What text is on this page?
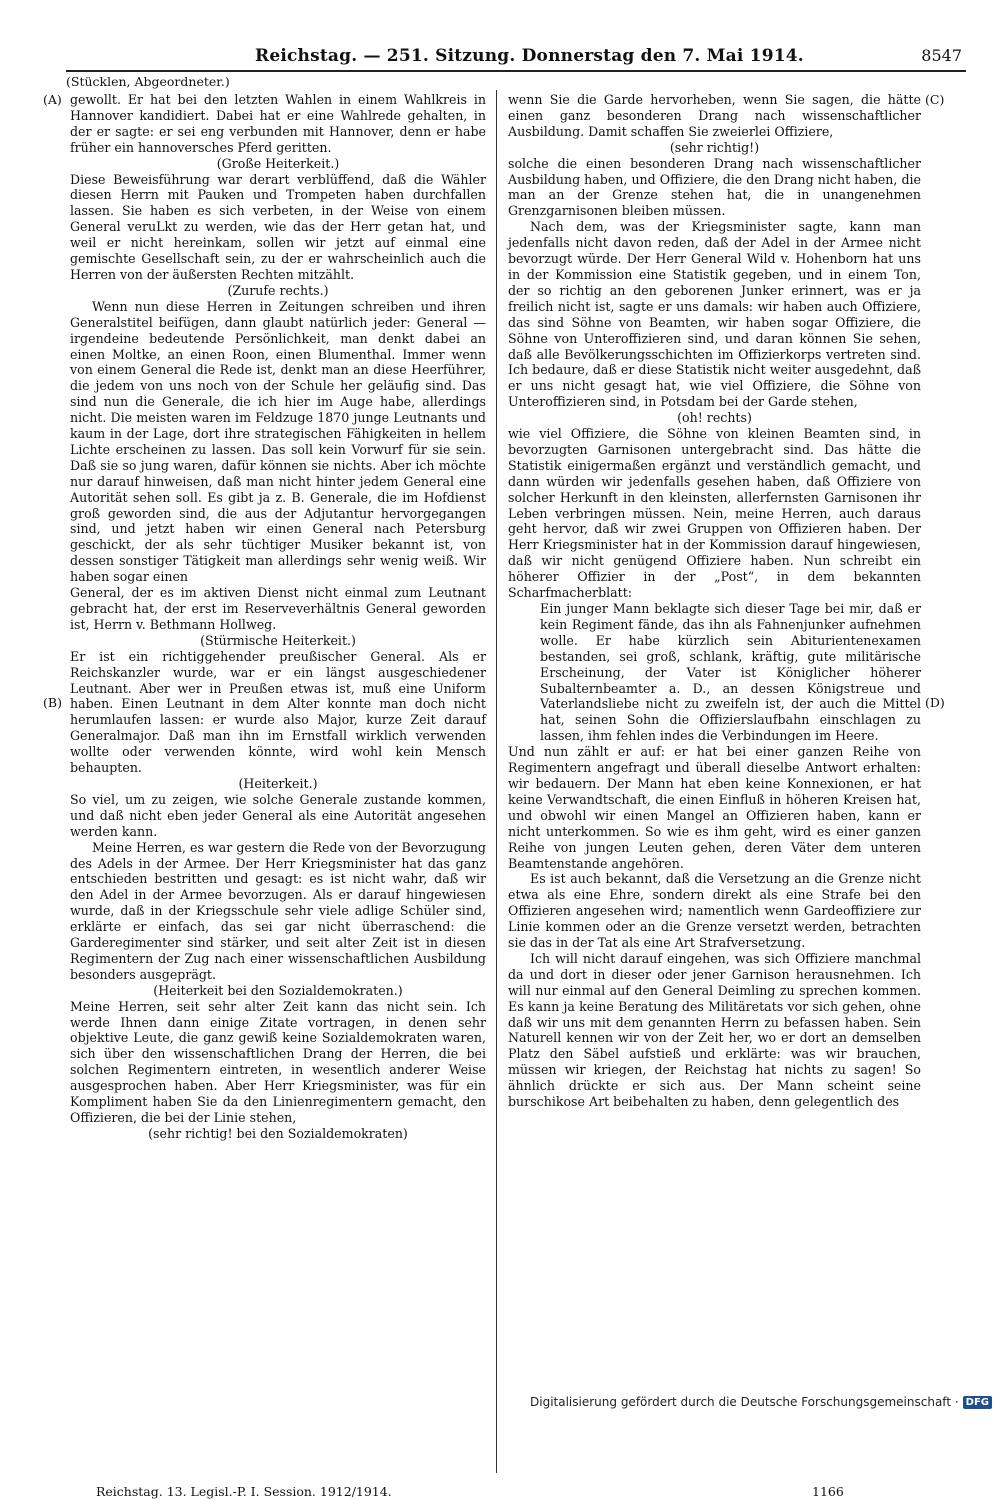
Reichstag. — 251. Sitzung. Donnerstag den 7. Mai 1914.	8547
(Stücklen, Abgeordneter.)
(A)
(B)
(C)
(D)

gewollt. Er hat bei den letzten Wahlen in einem Wahlkreis in Hannover kandidiert. Dabei hat er eine Wahlrede gehalten, in der er sagte: er sei eng verbunden mit Hannover, denn er habe früher ein hannoversches Pferd geritten.

(Große Heiterkeit.)

Diese Beweisführung war derart verblüffend, daß die Wähler diesen Herrn mit Pauken und Trompeten haben durchfallen lassen. Sie haben es sich verbeten, in der Weise von einem General veruLkt zu werden, wie das der Herr getan hat, und weil er nicht hereinkam, sollen wir jetzt auf einmal eine gemischte Gesellschaft sein, zu der er wahrscheinlich auch die Herren von der äußersten Rechten mitzählt.

(Zurufe rechts.)

Wenn nun diese Herren in Zeitungen schreiben und ihren Generalstitel beifügen, dann glaubt natürlich jeder: General — irgendeine bedeutende Persönlichkeit, man denkt dabei an einen Moltke, an einen Roon, einen Blumenthal. Immer wenn von einem General die Rede ist, denkt man an diese Heerführer, die jedem von uns noch von der Schule her geläufig sind. Das sind nun die Generale, die ich hier im Auge habe, allerdings nicht. Die meisten waren im Feldzuge 1870 junge Leutnants und kaum in der Lage, dort ihre strategischen Fähigkeiten in hellem Lichte erscheinen zu lassen. Das soll kein Vorwurf für sie sein. Daß sie so jung waren, dafür können sie nichts. Aber ich möchte nur darauf hinweisen, daß man nicht hinter jedem General eine Autorität sehen soll. Es gibt ja z. B. Generale, die im Hofdienst groß geworden sind, die aus der Adjutantur hervorgegangen sind, und jetzt haben wir einen General nach Petersburg geschickt, der als sehr tüchtiger Musiker bekannt ist, von dessen sonstiger Tätigkeit man allerdings sehr wenig weiß. Wir haben sogar einen

General, der es im aktiven Dienst nicht einmal zum Leutnant gebracht hat, der erst im Reserveverhältnis General geworden ist, Herrn v. Bethmann Hollweg.

(Stürmische Heiterkeit.)

Er ist ein richtiggehender preußischer General. Als er Reichskanzler wurde, war er ein längst ausgeschiedener Leutnant. Aber wer in Preußen etwas ist, muß eine Uniform haben. Einen Leutnant in dem Alter konnte man doch nicht herumlaufen lassen: er wurde also Major, kurze Zeit darauf Generalmajor. Daß man ihn im Ernstfall wirklich verwenden wollte oder verwenden könnte, wird wohl kein Mensch behaupten.

(Heiterkeit.)

So viel, um zu zeigen, wie solche Generale zustande kommen, und daß nicht eben jeder General als eine Autorität angesehen werden kann.

Meine Herren, es war gestern die Rede von der Bevorzugung des Adels in der Armee. Der Herr Kriegsminister hat das ganz entschieden bestritten und gesagt: es ist nicht wahr, daß wir den Adel in der Armee bevorzugen. Als er darauf hingewiesen wurde, daß in der Kriegsschule sehr viele adlige Schüler sind, erklärte er einfach, das sei gar nicht überraschend: die Garderegimenter sind stärker, und seit alter Zeit ist in diesen Regimentern der Zug nach einer wissenschaftlichen Ausbildung besonders ausgeprägt.

(Heiterkeit bei den Sozialdemokraten.)

Meine Herren, seit sehr alter Zeit kann das nicht sein. Ich werde Ihnen dann einige Zitate vortragen, in denen sehr objektive Leute, die ganz gewiß keine Sozialdemokraten waren, sich über den wissenschaftlichen Drang der Herren, die bei solchen Regimentern eintreten, in wesentlich anderer Weise ausgesprochen haben. Aber Herr Kriegsminister, was für ein Kompliment haben Sie da den Linienregimentern gemacht, den Offizieren, die bei der Linie stehen,

(sehr richtig! bei den Sozialdemokraten)

wenn Sie die Garde hervorheben, wenn Sie sagen, die hätte einen ganz besonderen Drang nach wissenschaftlicher Ausbildung. Damit schaffen Sie zweierlei Offiziere,

(sehr richtig!)

solche die einen besonderen Drang nach wissenschaftlicher Ausbildung haben, und Offiziere, die den Drang nicht haben, die man an der Grenze stehen hat, die in unangenehmen Grenzgarnisonen bleiben müssen.

Nach dem, was der Kriegsminister sagte, kann man jedenfalls nicht davon reden, daß der Adel in der Armee nicht bevorzugt würde. Der Herr General Wild v. Hohenborn hat uns in der Kommission eine Statistik gegeben, und in einem Ton, der so richtig an den geborenen Junker erinnert, was er ja freilich nicht ist, sagte er uns damals: wir haben auch Offiziere, das sind Söhne von Beamten, wir haben sogar Offiziere, die Söhne von Unteroffizieren sind, und daran können Sie sehen, daß alle Bevölkerungsschichten im Offizierkorps vertreten sind. Ich bedaure, daß er diese Statistik nicht weiter ausgedehnt, daß er uns nicht gesagt hat, wie viel Offiziere, die Söhne von Unteroffizieren sind, in Potsdam bei der Garde stehen,

(oh! rechts)

wie viel Offiziere, die Söhne von kleinen Beamten sind, in bevorzugten Garnisonen untergebracht sind. Das hätte die Statistik einigermaßen ergänzt und verständlich gemacht, und dann würden wir jedenfalls gesehen haben, daß Offiziere von solcher Herkunft in den kleinsten, allerfernsten Garnisonen ihr Leben verbringen müssen. Nein, meine Herren, auch daraus geht hervor, daß wir zwei Gruppen von Offizieren haben. Der Herr Kriegsminister hat in der Kommission darauf hingewiesen, daß wir nicht genügend Offiziere haben. Nun schreibt ein höherer Offizier in der „Post“, in dem bekannten Scharfmacherblatt:

Ein junger Mann beklagte sich dieser Tage bei mir, daß er kein Regiment fände, das ihn als Fahnenjunker aufnehmen wolle. Er habe kürzlich sein Abiturientenexamen bestanden, sei groß, schlank, kräftig, gute militärische Erscheinung, der Vater ist Königlicher höherer Subalternbeamter a. D., an dessen Königstreue und Vaterlandsliebe nicht zu zweifeln ist, der auch die Mittel hat, seinen Sohn die Offizierslaufbahn einschlagen zu lassen, ihm fehlen indes die Verbindungen im Heere.

Und nun zählt er auf: er hat bei einer ganzen Reihe von Regimentern angefragt und überall dieselbe Antwort erhalten: wir bedauern. Der Mann hat eben keine Konnexionen, er hat keine Verwandtschaft, die einen Einfluß in höheren Kreisen hat, und obwohl wir einen Mangel an Offizieren haben, kann er nicht unterkommen. So wie es ihm geht, wird es einer ganzen Reihe von jungen Leuten gehen, deren Väter dem unteren Beamtenstande angehören.

Es ist auch bekannt, daß die Versetzung an die Grenze nicht etwa als eine Ehre, sondern direkt als eine Strafe bei den Offizieren angesehen wird; namentlich wenn Gardeoffiziere zur Linie kommen oder an die Grenze versetzt werden, betrachten sie das in der Tat als eine Art Strafversetzung.

Ich will nicht darauf eingehen, was sich Offiziere manchmal da und dort in dieser oder jener Garnison herausnehmen. Ich will nur einmal auf den General Deimling zu sprechen kommen. Es kann ja keine Beratung des Militäretats vor sich gehen, ohne daß wir uns mit dem genannten Herrn zu befassen haben. Sein Naturell kennen wir von der Zeit her, wo er dort an demselben Platz den Säbel aufstieß und erklärte: was wir brauchen, müssen wir kriegen, der Reichstag hat nichts zu sagen! So ähnlich drückte er sich aus. Der Mann scheint seine burschikose Art beibehalten zu haben, denn gelegentlich des

Reichstag. 13. Legisl.-P. I. Session. 1912/1914.	1166
Digitalisierung gefördert durch die Deutsche Forschungsgemeinschaft · DFG
